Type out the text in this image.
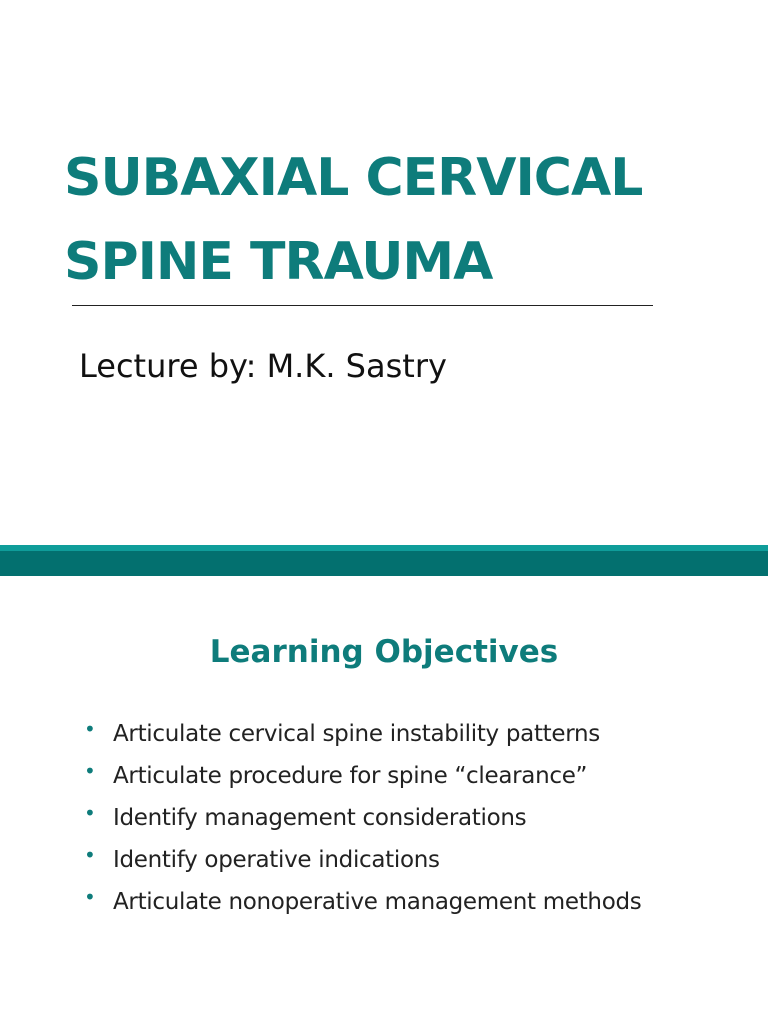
SUBAXIAL CERVICAL
SPINE TRAUMA

Lecture by: M.K. Sastry

Learning Objectives
• Articulate cervical spine instability patterns
• Articulate procedure for spine “clearance”
• Identify management considerations
• Identify operative indications
• Articulate nonoperative management methods
